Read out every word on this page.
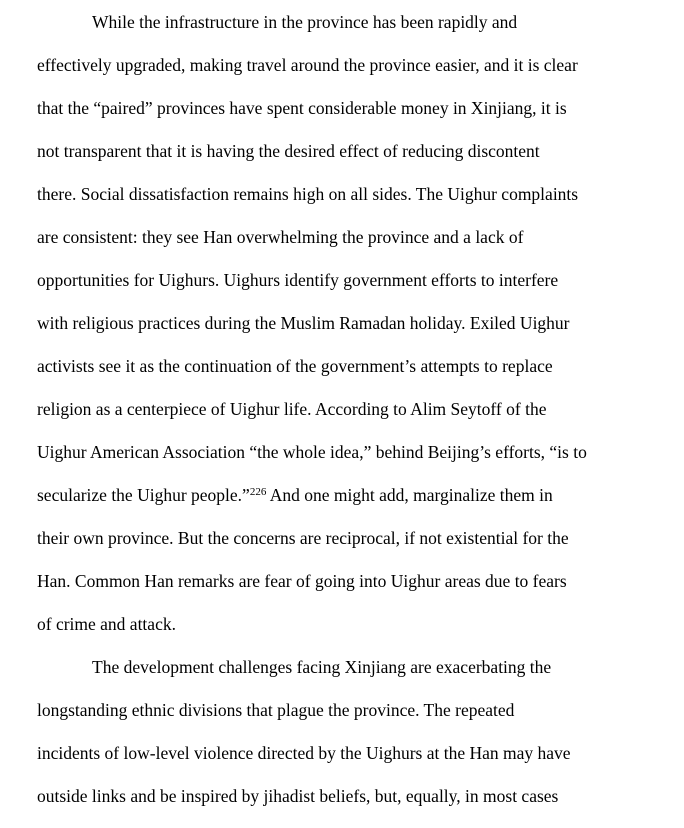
While the infrastructure in the province has been rapidly and

effectively upgraded, making travel around the province easier, and it is clear

that the “paired” provinces have spent considerable money in Xinjiang, it is

not transparent that it is having the desired effect of reducing discontent

there. Social dissatisfaction remains high on all sides. The Uighur complaints

are consistent: they see Han overwhelming the province and a lack of

opportunities for Uighurs. Uighurs identify government efforts to interfere

with religious practices during the Muslim Ramadan holiday. Exiled Uighur

activists see it as the continuation of the government’s attempts to replace

religion as a centerpiece of Uighur life. According to Alim Seytoff of the

Uighur American Association “the whole idea,” behind Beijing’s efforts, “is to

secularize the Uighur people.”$^{226}$ And one might add, marginalize them in

their own province. But the concerns are reciprocal, if not existential for the

Han. Common Han remarks are fear of going into Uighur areas due to fears

of crime and attack.

The development challenges facing Xinjiang are exacerbating the

longstanding ethnic divisions that plague the province. The repeated

incidents of low-level violence directed by the Uighurs at the Han may have

outside links and be inspired by jihadist beliefs, but, equally, in most cases
